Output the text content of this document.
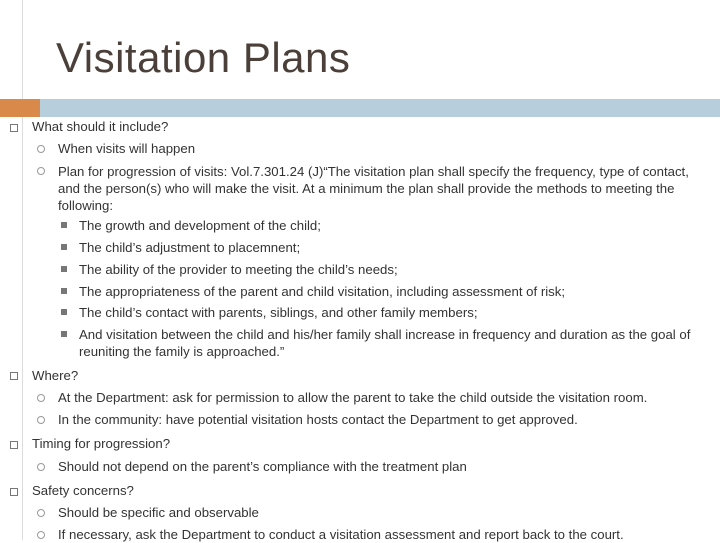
Visitation Plans
What should it include?
When visits will happen
Plan for progression of visits: Vol.7.301.24 (J)“The visitation plan shall specify the frequency, type of contact, and the person(s) who will make the visit. At a minimum the plan shall provide the methods to meeting the following:
The growth and development of the child;
The child’s adjustment to placemnent;
The ability of the provider to meeting the child’s needs;
The appropriateness of the parent and child visitation, including assessment of risk;
The child’s contact with parents, siblings, and other family members;
And visitation between the child and his/her family shall increase in frequency and duration as the goal of reuniting the family is approached.”
Where?
At the Department: ask for permission to allow the parent to take the child outside the visitation room.
In the community: have potential visitation hosts contact the Department to get approved.
Timing for progression?
Should not depend on the parent’s compliance with the treatment plan
Safety concerns?
Should be specific and observable
If necessary, ask the Department to conduct a visitation assessment and report back to the court.
